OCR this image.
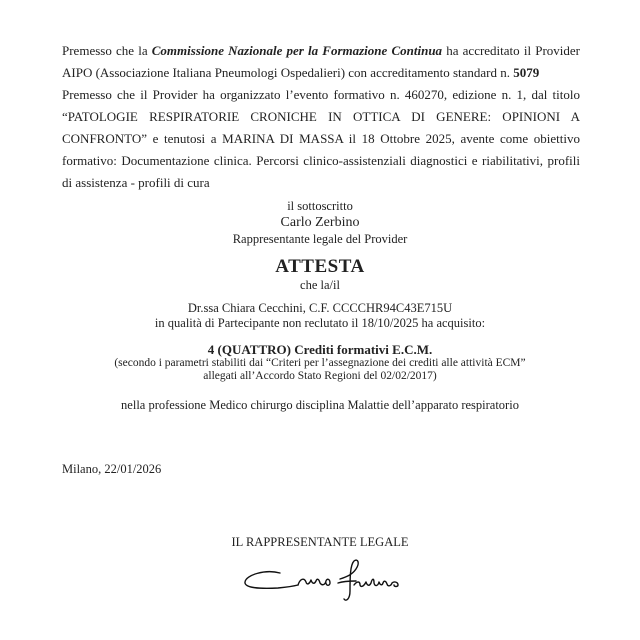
Premesso che la Commissione Nazionale per la Formazione Continua ha accreditato il Provider AIPO (Associazione Italiana Pneumologi Ospedalieri) con accreditamento standard n. 5079

Premesso che il Provider ha organizzato l’evento formativo n. 460270, edizione n. 1, dal titolo “PATOLOGIE RESPIRATORIE CRONICHE IN OTTICA DI GENERE: OPINIONI A CONFRONTO” e tenutosi a MARINA DI MASSA il 18 Ottobre 2025, avente come obiettivo formativo: Documentazione clinica. Percorsi clinico-assistenziali diagnostici e riabilitativi, profili di assistenza - profili di cura

il sottoscritto
Carlo Zerbino
Rappresentante legale del Provider
ATTESTA
che la/il
Dr.ssa Chiara Cecchini, C.F. CCCCHR94C43E715U
in qualità di Partecipante non reclutato il 18/10/2025 ha acquisito:
4 (QUATTRO) Crediti formativi E.C.M.
(secondo i parametri stabiliti dai “Criteri per l’assegnazione dei crediti alle attività ECM”
allegati all’Accordo Stato Regioni del 02/02/2017)
nella professione Medico chirurgo disciplina Malattie dell’apparato respiratorio
Milano, 22/01/2026
IL RAPPRESENTANTE LEGALE
